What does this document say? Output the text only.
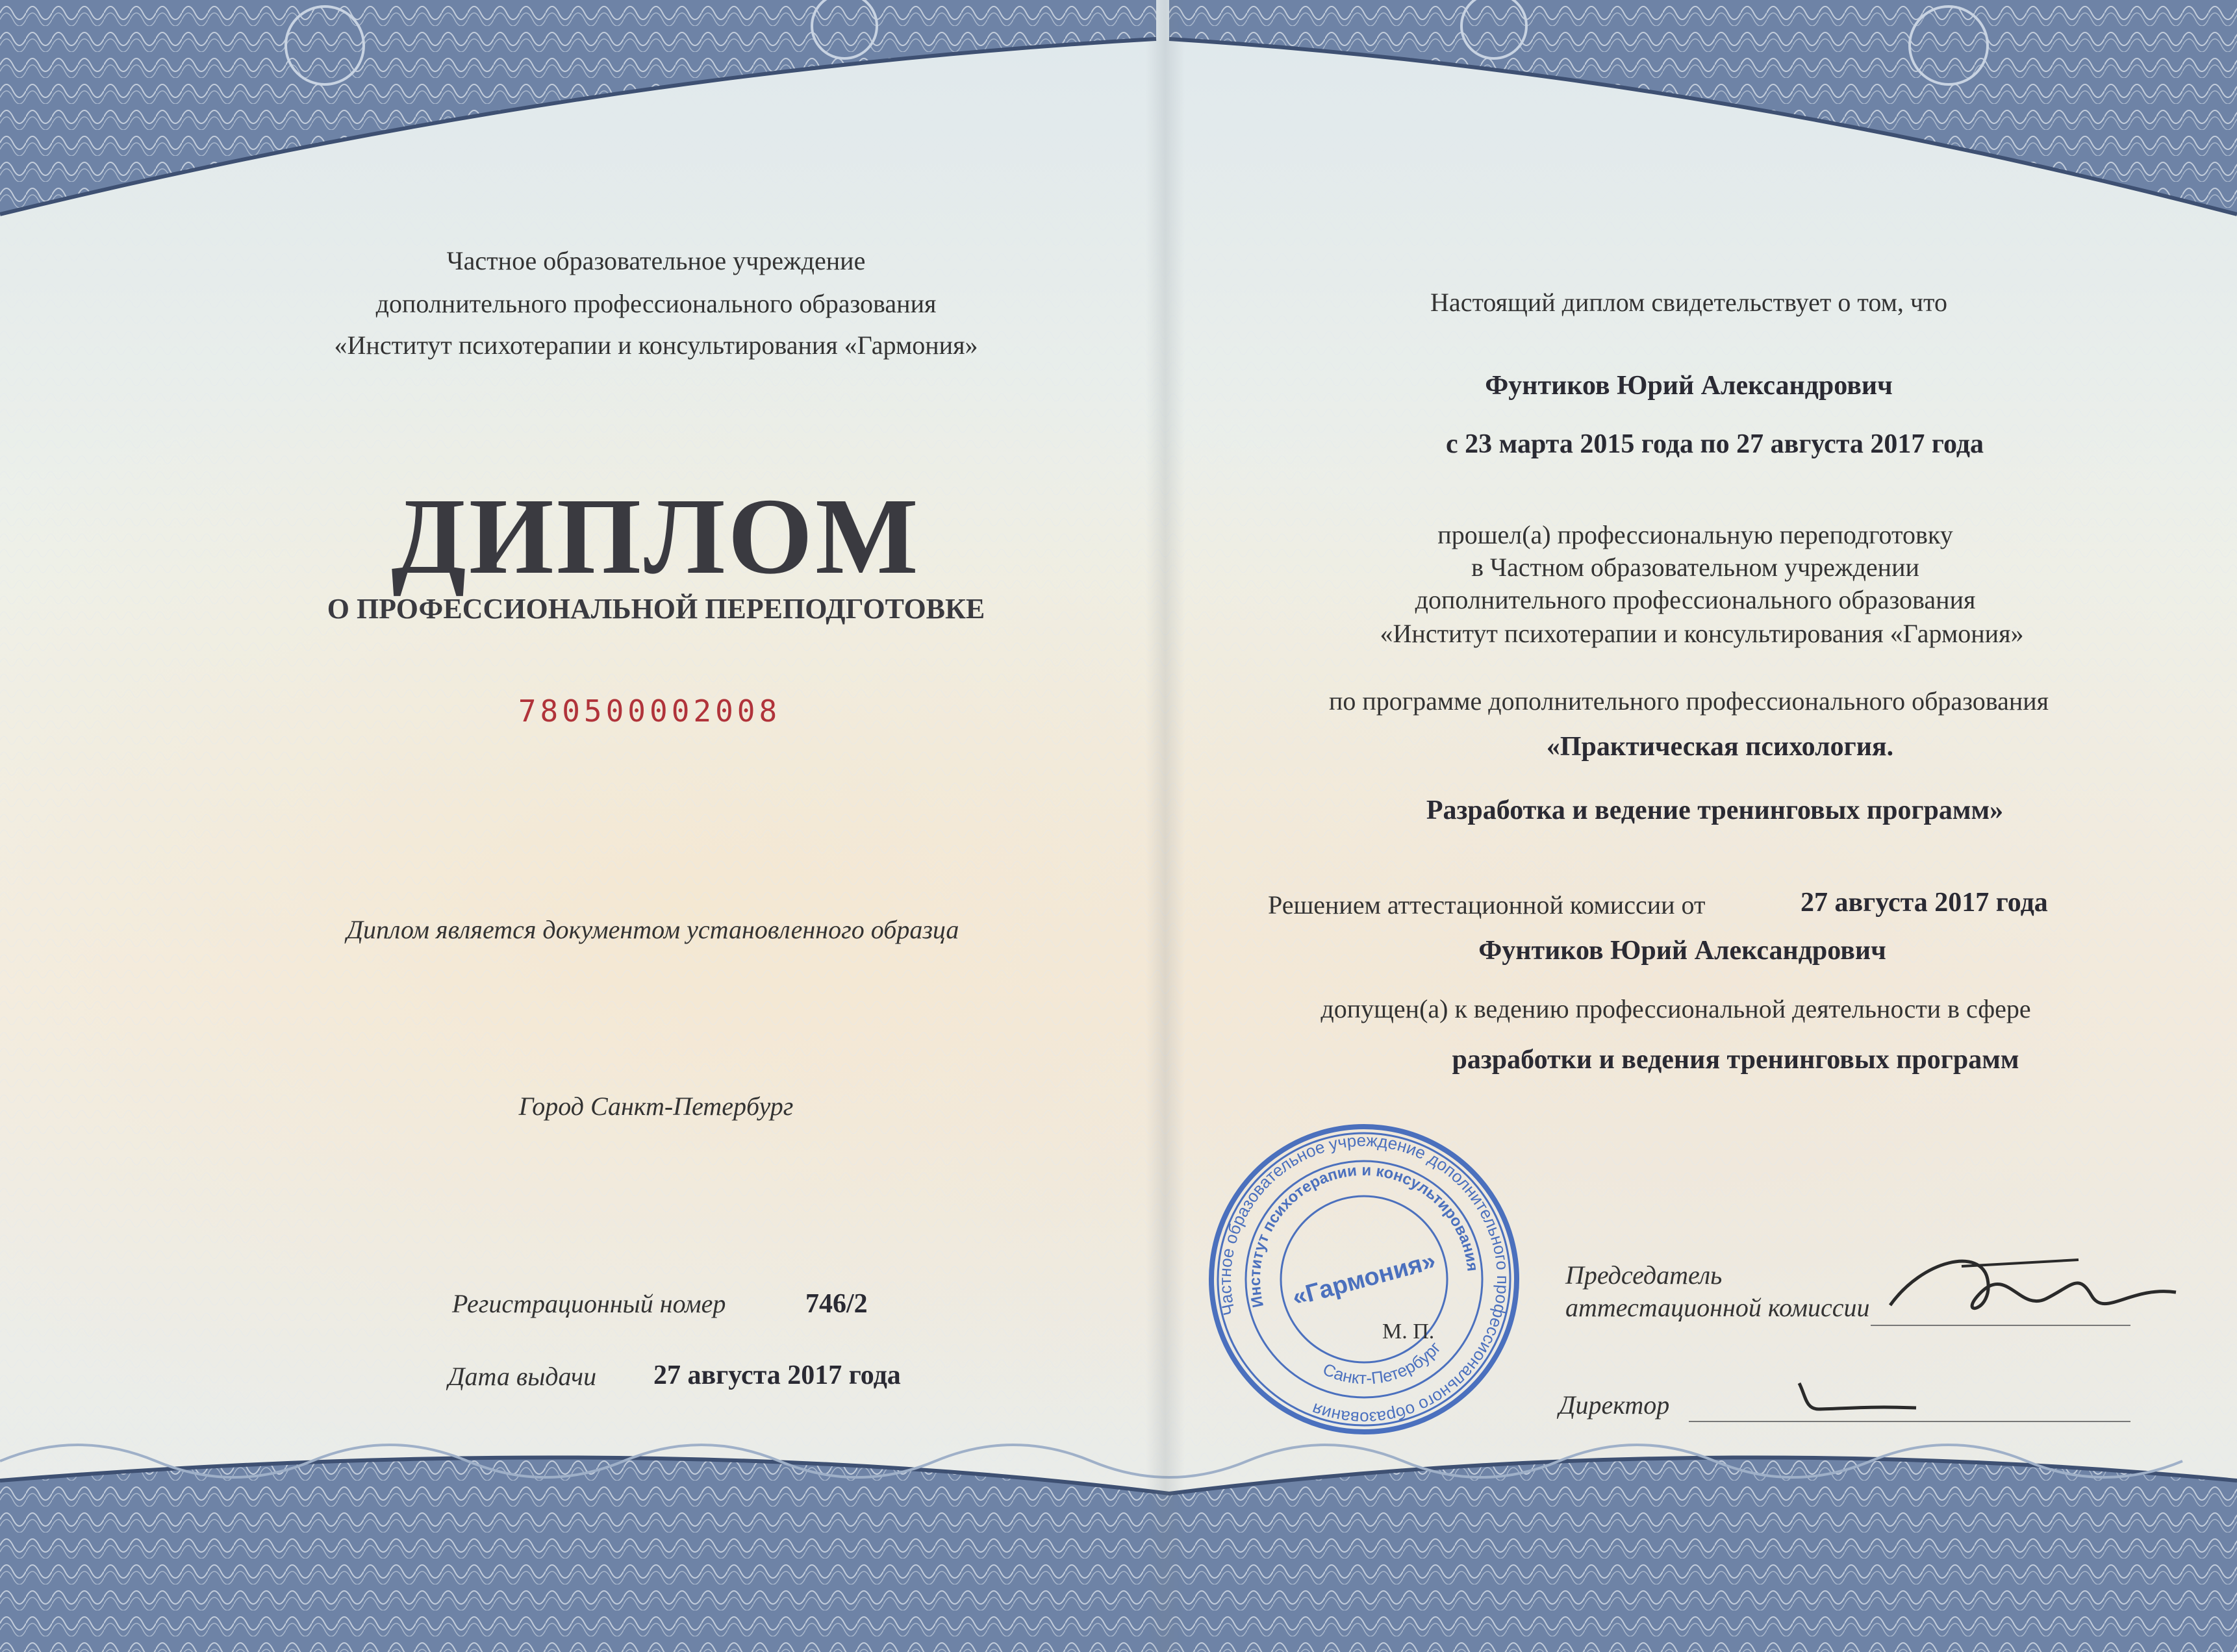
Частное образовательное учреждение
дополнительного профессионального образования
«Институт психотерапии и консультирования «Гармония»
ДИПЛОМ
О ПРОФЕССИОНАЛЬНОЙ ПЕРЕПОДГОТОВКЕ
780500002008
Диплом является документом установленного образца
Город Санкт-Петербург
Регистрационный номер	746/2
Дата выдачи 27 августа 2017 года
Настоящий диплом свидетельствует о том, что
Фунтиков Юрий Александрович
с 23 марта 2015 года по 27 августа 2017 года
прошел(а) профессиональную переподготовку
в Частном образовательном учреждении
дополнительного профессионального образования
«Институт психотерапии и консультирования «Гармония»
по программе дополнительного профессионального образования
«Практическая психология.
Разработка и ведение тренинговых программ»
Решением аттестационной комиссии от	27 августа 2017 года
Фунтиков Юрий Александрович
допущен(а) к ведению профессиональной деятельности в сфере
разработки и ведения тренинговых программ
Частное образовательное учреждение дополнительного профессионального образования
Институт психотерапии и консультирования
«Гармония»
Санкт-Петербург
М. П.
Председатель
аттестационной комиссии
Директор
